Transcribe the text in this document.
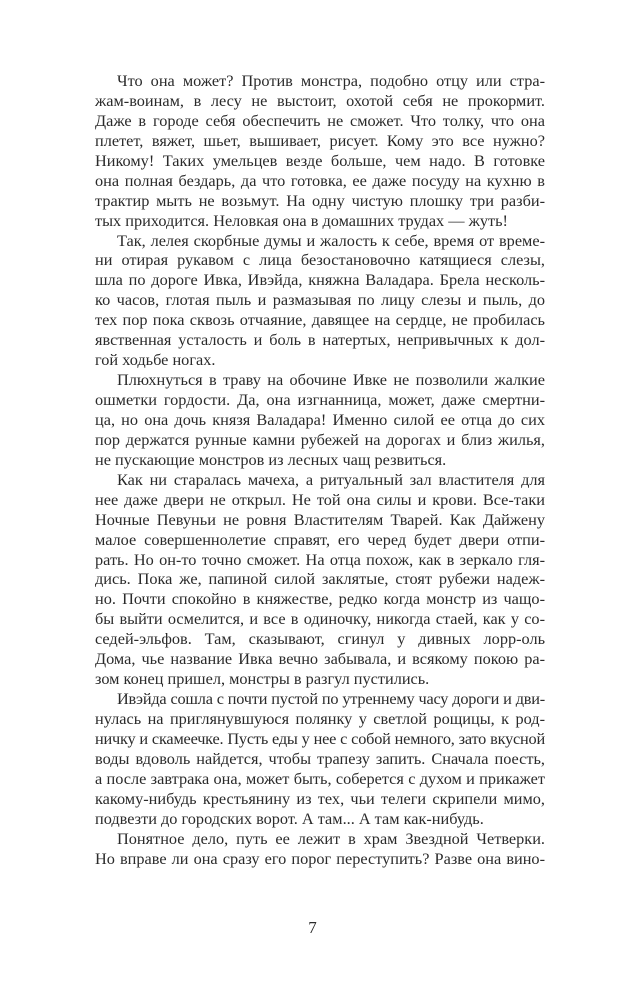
Что она может? Против монстра, подобно отцу или стра-
жам-воинам, в лесу не выстоит, охотой себя не прокормит.
Даже в городе себя обеспечить не сможет. Что толку, что она
плетет, вяжет, шьет, вышивает, рисует. Кому это все нужно?
Никому! Таких умельцев везде больше, чем надо. В готовке
она полная бездарь, да что готовка, ее даже посуду на кухню в
трактир мыть не возьмут. На одну чистую плошку три разби-
тых приходится. Неловкая она в домашних трудах — жуть!
Так, лелея скорбные думы и жалость к себе, время от време-
ни отирая рукавом с лица безостановочно катящиеся слезы,
шла по дороге Ивка, Ивэйда, княжна Валадара. Брела несколь-
ко часов, глотая пыль и размазывая по лицу слезы и пыль, до
тех пор пока сквозь отчаяние, давящее на сердце, не пробилась
явственная усталость и боль в натертых, непривычных к дол-
гой ходьбе ногах.
Плюхнуться в траву на обочине Ивке не позволили жалкие
ошметки гордости. Да, она изгнанница, может, даже смертни-
ца, но она дочь князя Валадара! Именно силой ее отца до сих
пор держатся рунные камни рубежей на дорогах и близ жилья,
не пускающие монстров из лесных чащ резвиться.
Как ни старалась мачеха, а ритуальный зал властителя для
нее даже двери не открыл. Не той она силы и крови. Все-таки
Ночные Певуньи не ровня Властителям Тварей. Как Дайжену
малое совершеннолетие справят, его черед будет двери отпи-
рать. Но он-то точно сможет. На отца похож, как в зеркало гля-
дись. Пока же, папиной силой заклятые, стоят рубежи надеж-
но. Почти спокойно в княжестве, редко когда монстр из чащо-
бы выйти осмелится, и все в одиночку, никогда стаей, как у со-
седей-эльфов. Там, сказывают, сгинул у дивных лорр-оль
Дома, чье название Ивка вечно забывала, и всякому покою ра-
зом конец пришел, монстры в разгул пустились.
Ивэйда сошла с почти пустой по утреннему часу дороги и дви-
нулась на приглянувшуюся полянку у светлой рощицы, к род-
ничку и скамеечке. Пусть еды у нее с собой немного, зато вкусной
воды вдоволь найдется, чтобы трапезу запить. Сначала поесть,
а после завтрака она, может быть, соберется с духом и прикажет
какому-нибудь крестьянину из тех, чьи телеги скрипели мимо,
подвезти до городских ворот. А там... А там как-нибудь.
Понятное дело, путь ее лежит в храм Звездной Четверки.
Но вправе ли она сразу его порог переступить? Разве она вино-
7
